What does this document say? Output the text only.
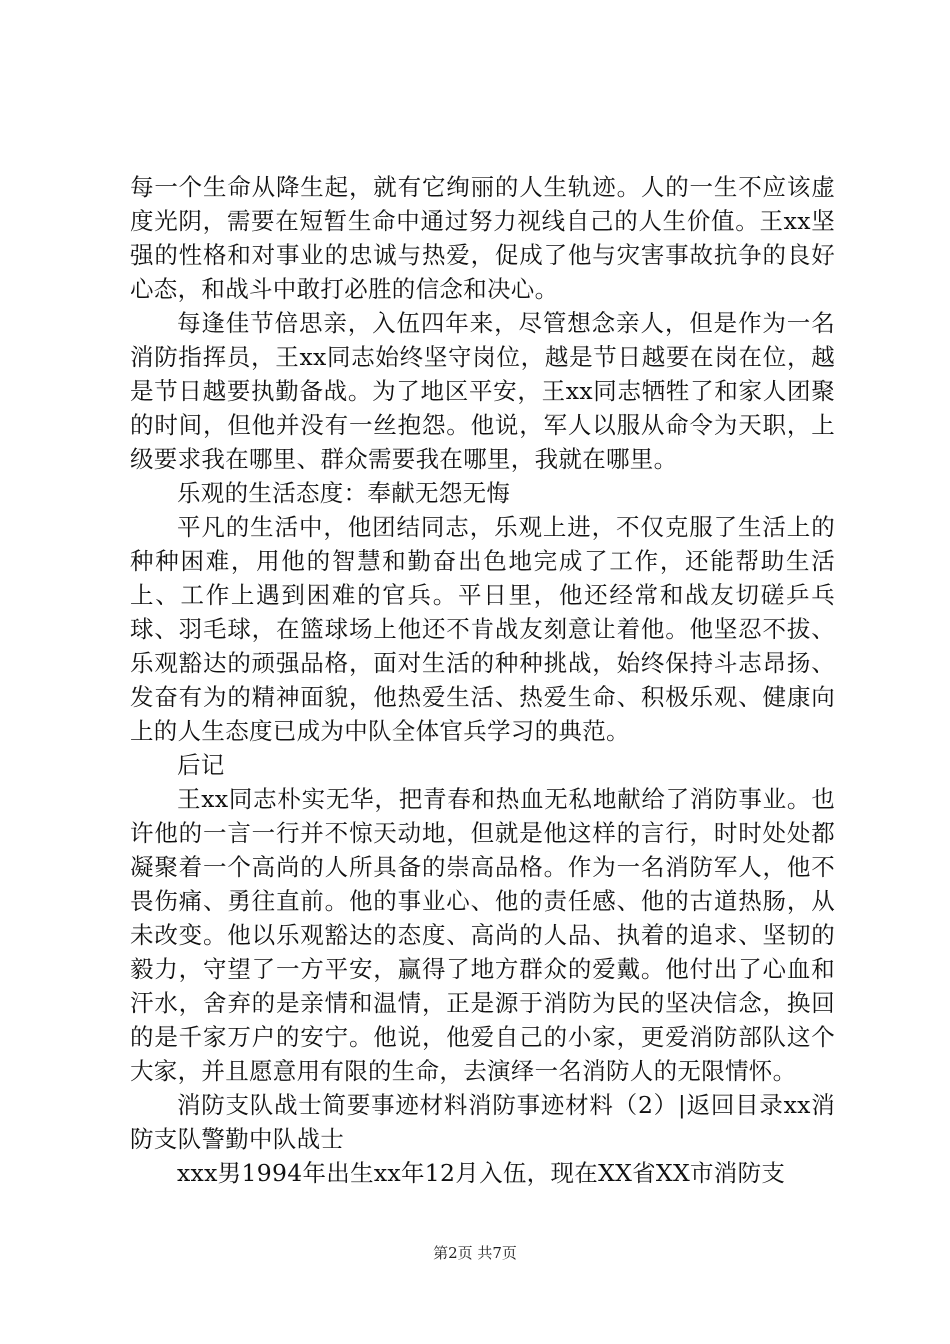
每一个生命从降生起，就有它绚丽的人生轨迹。人的一生不应该虚度光阴，需要在短暂生命中通过努力视线自己的人生价值。王xx坚强的性格和对事业的忠诚与热爱，促成了他与灾害事故抗争的良好心态，和战斗中敢打必胜的信念和决心。

每逢佳节倍思亲，入伍四年来，尽管想念亲人，但是作为一名消防指挥员，王xx同志始终坚守岗位，越是节日越要在岗在位，越是节日越要执勤备战。为了地区平安，王xx同志牺牲了和家人团聚的时间，但他并没有一丝抱怨。他说，军人以服从命令为天职，上级要求我在哪里、群众需要我在哪里，我就在哪里。

乐观的生活态度：奉献无怨无悔

平凡的生活中，他团结同志，乐观上进，不仅克服了生活上的种种困难，用他的智慧和勤奋出色地完成了工作，还能帮助生活上、工作上遇到困难的官兵。平日里，他还经常和战友切磋乒乓球、羽毛球，在篮球场上他还不肯战友刻意让着他。他坚忍不拔、乐观豁达的顽强品格，面对生活的种种挑战，始终保持斗志昂扬、发奋有为的精神面貌，他热爱生活、热爱生命、积极乐观、健康向上的人生态度已成为中队全体官兵学习的典范。

后记

王xx同志朴实无华，把青春和热血无私地献给了消防事业。也许他的一言一行并不惊天动地，但就是他这样的言行，时时处处都凝聚着一个高尚的人所具备的崇高品格。作为一名消防军人，他不畏伤痛、勇往直前。他的事业心、他的责任感、他的古道热肠，从未改变。他以乐观豁达的态度、高尚的人品、执着的追求、坚韧的毅力，守望了一方平安，赢得了地方群众的爱戴。他付出了心血和汗水，舍弃的是亲情和温情，正是源于消防为民的坚决信念，换回的是千家万户的安宁。他说，他爱自己的小家，更爱消防部队这个大家，并且愿意用有限的生命，去演绎一名消防人的无限情怀。

消防支队战士简要事迹材料消防事迹材料（2）|返回目录xx消防支队警勤中队战士

xxx男1994年出生xx年12月入伍，现在XX省XX市消防支

第2页 共7页
